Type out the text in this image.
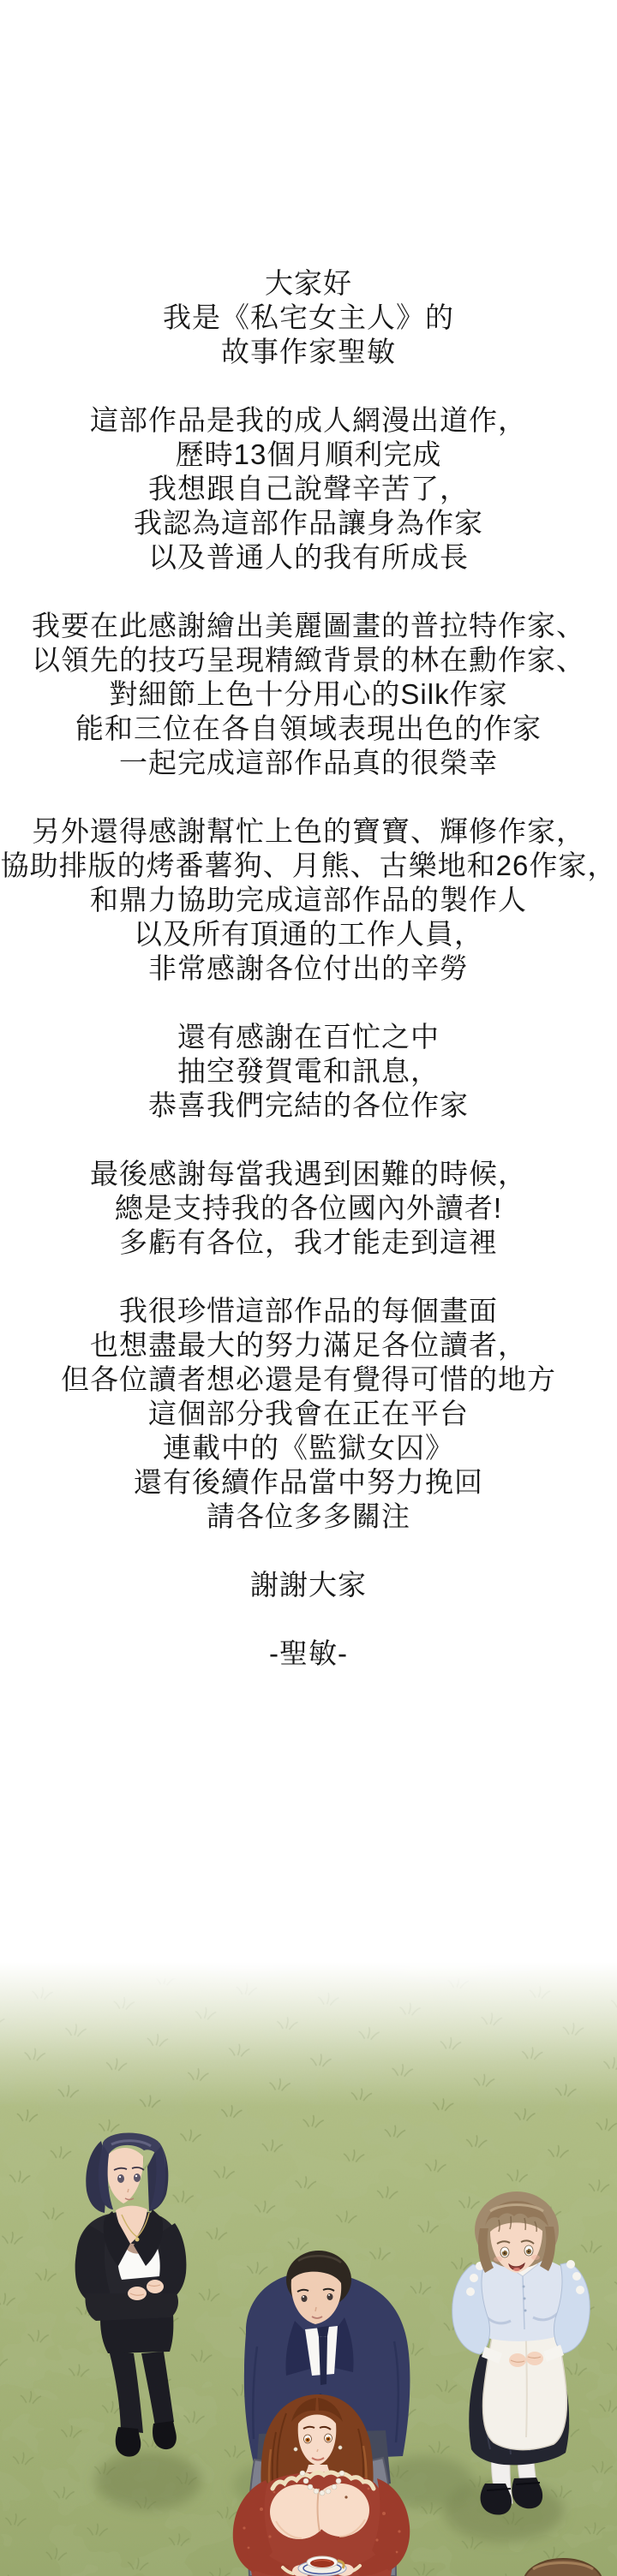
大家好
我是《私宅女主人》的
故事作家聖敏

這部作品是我的成人網漫出道作，
歷時13個月順利完成
我想跟自己說聲辛苦了，
我認為這部作品讓身為作家
以及普通人的我有所成長

我要在此感謝繪出美麗圖畫的普拉特作家、
以領先的技巧呈現精緻背景的林在勳作家、
對細節上色十分用心的Silk作家
能和三位在各自領域表現出色的作家
一起完成這部作品真的很榮幸

另外還得感謝幫忙上色的寶寶、輝修作家，
協助排版的烤番薯狗、月熊、古樂地和26作家，
和鼎力協助完成這部作品的製作人
以及所有頂通的工作人員，
非常感謝各位付出的辛勞

還有感謝在百忙之中
抽空發賀電和訊息，
恭喜我們完結的各位作家

最後感謝每當我遇到困難的時候，
總是支持我的各位國內外讀者!
多虧有各位，我才能走到這裡

我很珍惜這部作品的每個畫面
也想盡最大的努力滿足各位讀者，
但各位讀者想必還是有覺得可惜的地方
這個部分我會在正在平台
連載中的《監獄女囚》
還有後續作品當中努力挽回
請各位多多關注

謝謝大家

-聖敏-
